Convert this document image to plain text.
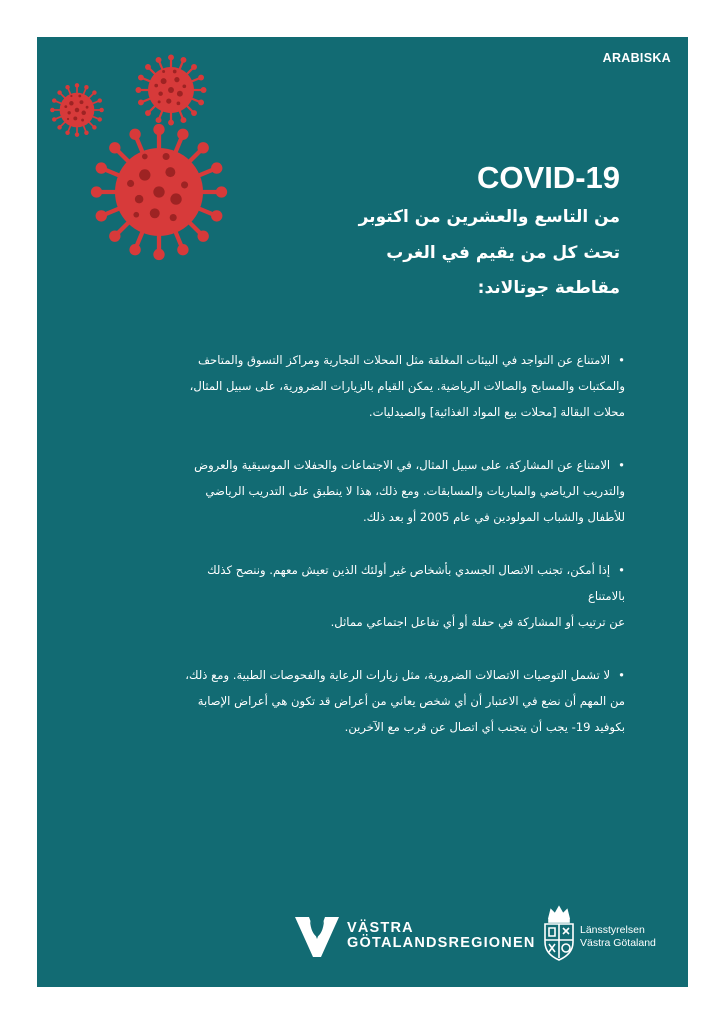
ARABISKA
COVID-19
من التاسع والعشرين من اكتوبر
تحث كل من يقيم في الغرب
مقاطعة جوتالاند:
•الامتناع عن التواجد في البيئات المغلقة مثل المحلات التجارية ومراكز التسوق والمتاحف
والمكتبات والمسابح والصالات الرياضية. يمكن القيام بالزيارات الضرورية، على سبيل المثال،
محلات البقالة [محلات بيع المواد الغذائية] والصيدليات.
•الامتناع عن المشاركة، على سبيل المثال، في الاجتماعات والحفلات الموسيقية والعروض
والتدريب الرياضي والمباريات والمسابقات. ومع ذلك، هذا لا ينطبق على التدريب الرياضي
للأطفال والشباب المولودين في عام 2005 أو بعد ذلك.
•إذا أمكن، تجنب الاتصال الجسدي بأشخاص غير أولئك الذين تعيش معهم. وننصح كذلك
بالامتناع
عن ترتيب أو المشاركة في حفلة أو أي تفاعل اجتماعي مماثل.
•لا تشمل التوصيات الاتصالات الضرورية، مثل زيارات الرعاية والفحوصات الطبية. ومع ذلك،
من المهم أن نضع في الاعتبار أن أي شخص يعاني من أعراض قد تكون هي أعراض الإصابة
بكوفيد 19- يجب أن يتجنب أي اتصال عن قرب مع الآخرين.
VÄSTRA
GÖTALANDSREGIONEN
Länsstyrelsen
Västra Götaland
